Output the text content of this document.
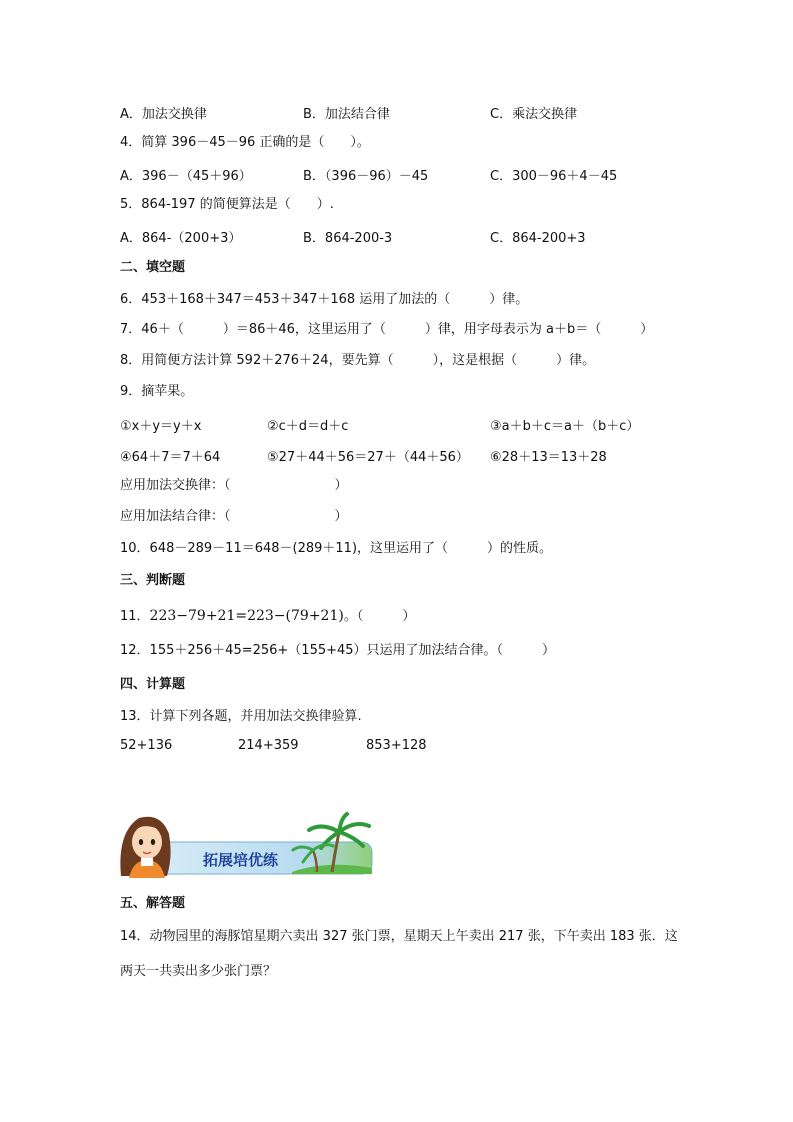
A．加法交换律	B．加法结合律	C．乘法交换律
4．简算 396－45－96 正确的是（　　）。
A．396－（45＋96）	B．（396－96）－45	C．300－96＋4－45
5．864-197 的简便算法是（　　）.
A．864-（200+3）	B．864-200-3	C．864-200+3
二、填空题
6．453＋168＋347＝453＋347＋168 运用了加法的（　　　）律。
7．46＋（　　　）＝86＋46，这里运用了（　　　）律，用字母表示为 a＋b＝（　　　）
8．用简便方法计算 592＋276＋24，要先算（　　　），这是根据（　　　）律。
9．摘苹果。
①x＋y＝y＋x	②c＋d＝d＋c	③a＋b＋c＝a＋（b＋c）
④64＋7＝7＋64	⑤27＋44＋56＝27＋（44＋56） ⑥28＋13＝13＋28
应用加法交换律：（　　　　　　　　）
应用加法结合律：（　　　　　　　　）
10．648－289－11＝648－(289＋11)，这里运用了（　　　）的性质。
三、判断题
11．223−79+21=223−(79+21)。（　　　）
12．155＋256＋45=256+（155+45）只运用了加法结合律。（　　　）
四、计算题
13．计算下列各题，并用加法交换律验算.
52+136	214+359	853+128
拓展培优练
五、解答题
14．动物园里的海豚馆星期六卖出 327 张门票，星期天上午卖出 217 张，下午卖出 183 张．这
两天一共卖出多少张门票？
